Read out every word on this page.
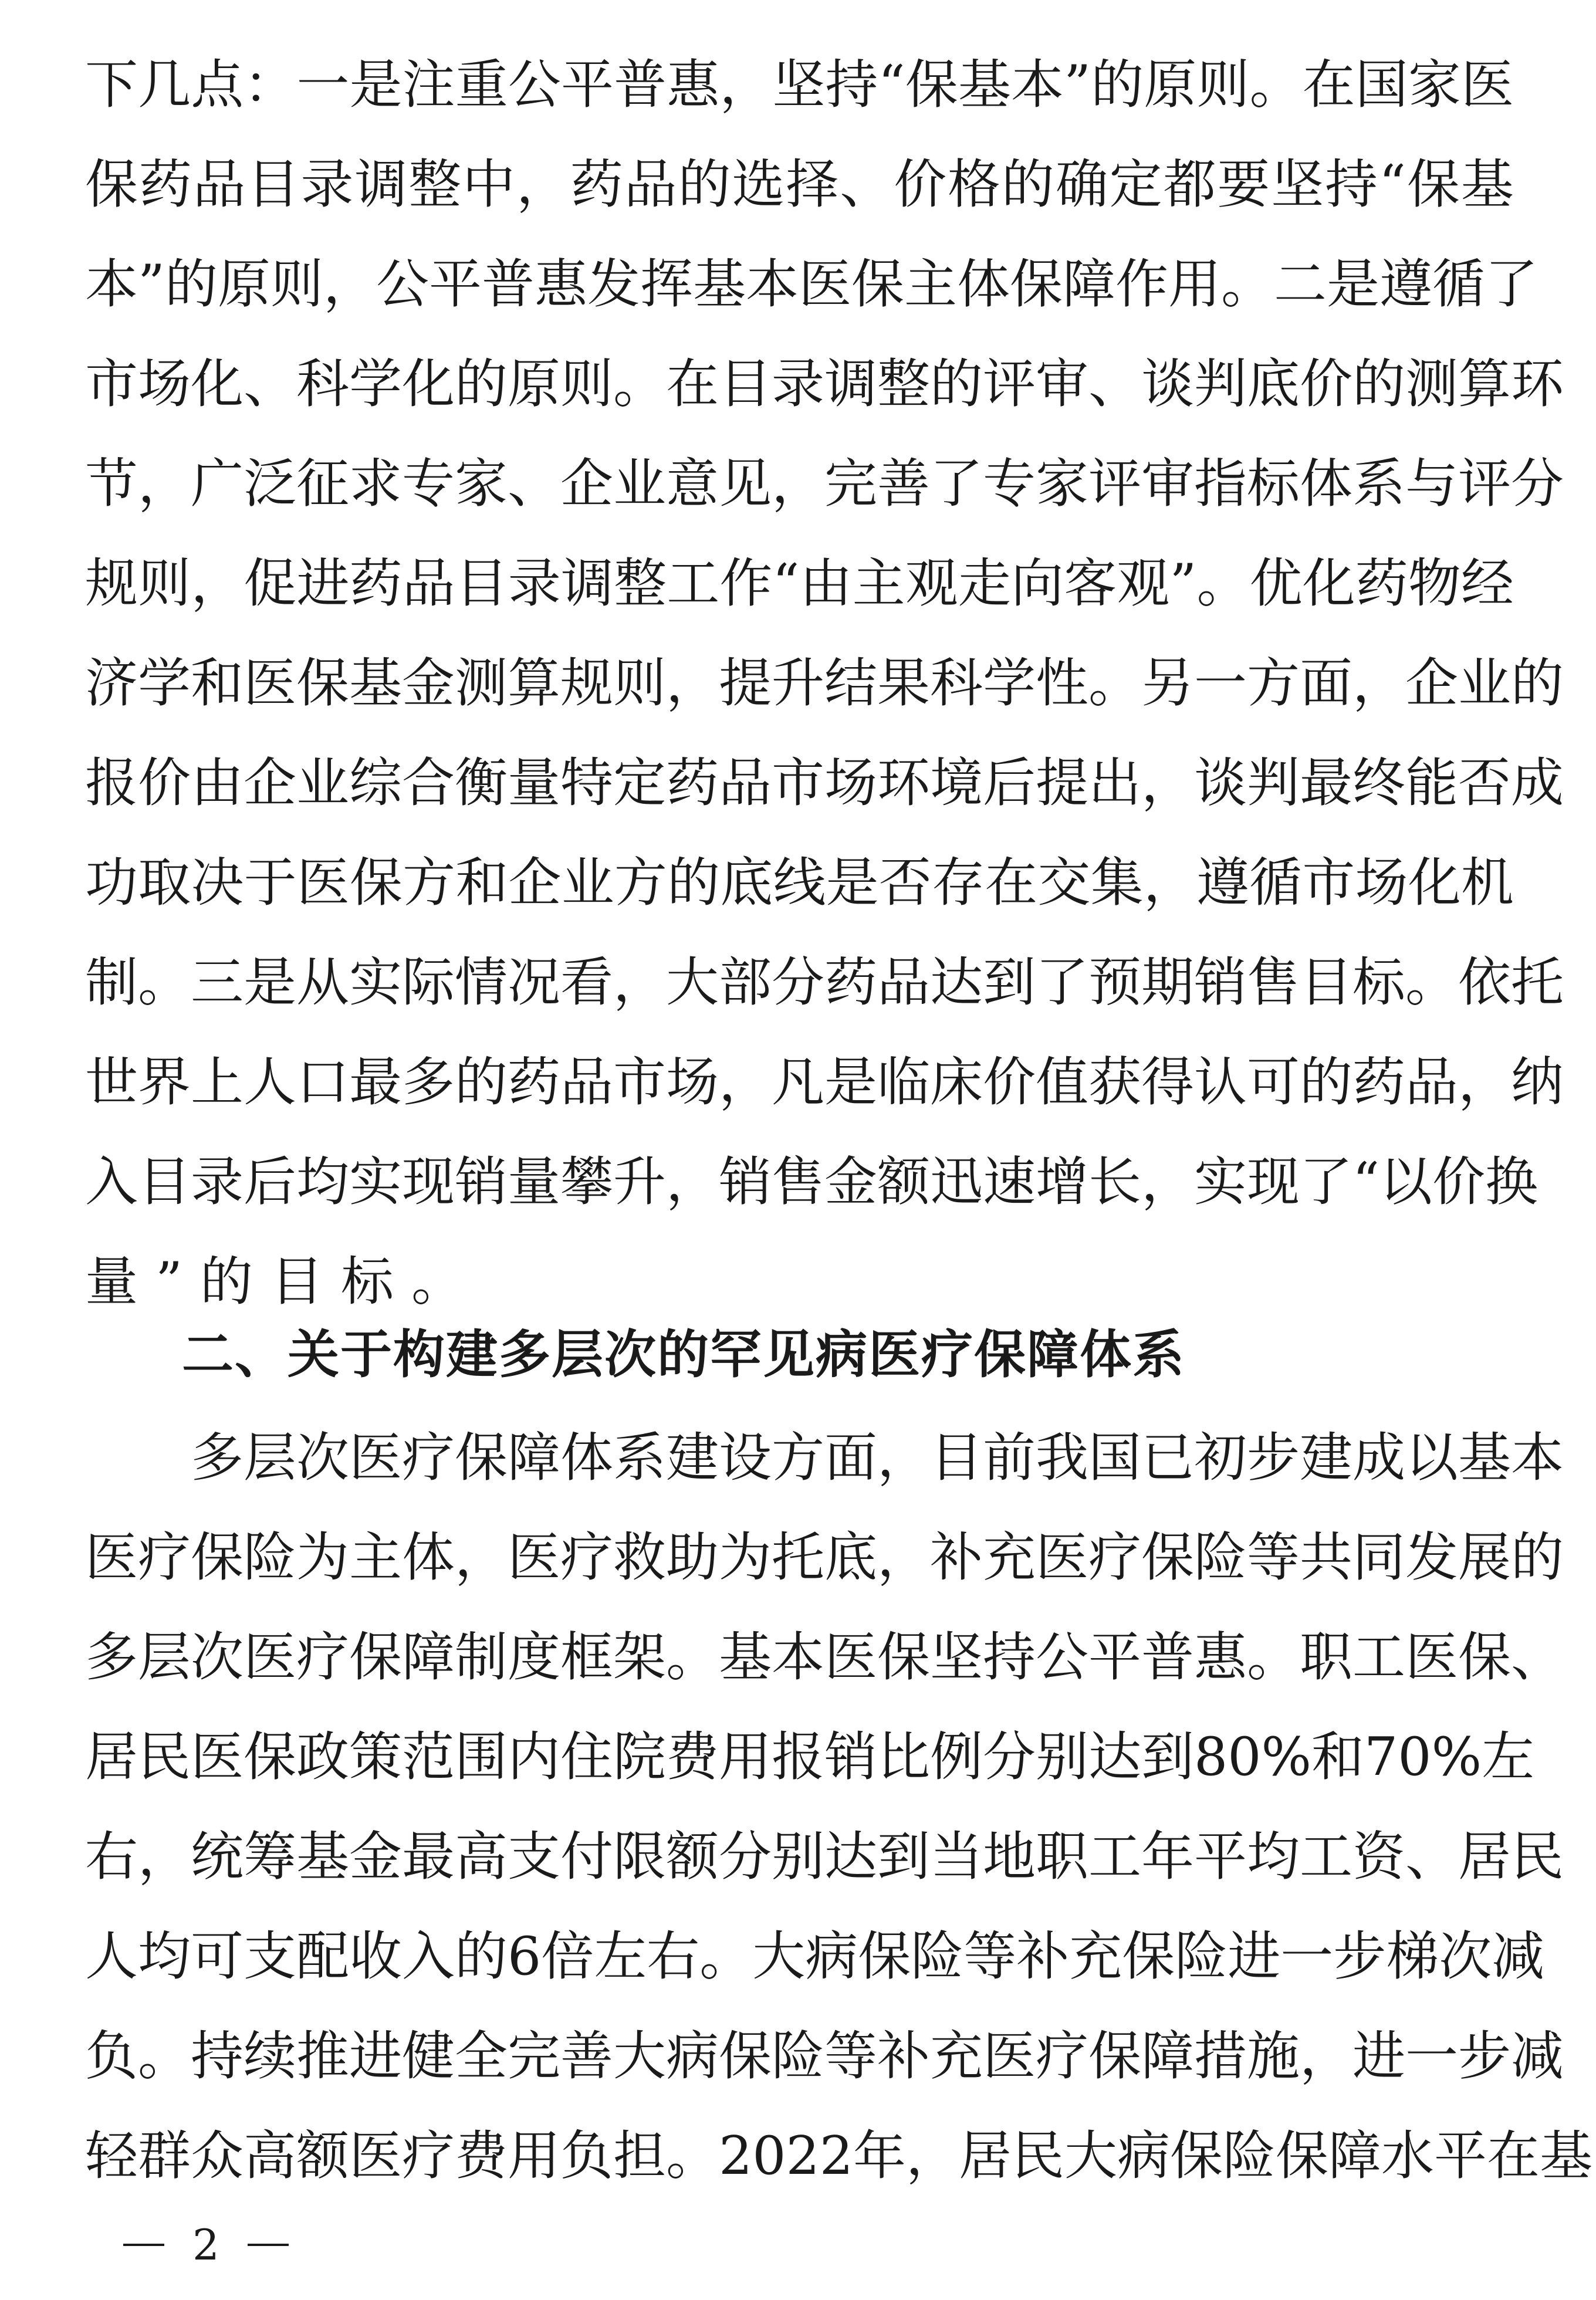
下 几 点 ： 一 是 注 重 公 平 普 惠 ， 坚 持 “ 保 基 本 ” 的 原 则 。 在 国 家 医
保 药 品 目 录 调 整 中 ， 药 品 的 选 择 、 价 格 的 确 定 都 要 坚 持 “ 保 基
本 ” 的 原 则 ， 公 平 普 惠 发 挥 基 本 医 保 主 体 保 障 作 用 。 二 是 遵 循 了
市 场 化 、 科 学 化 的 原 则 。 在 目 录 调 整 的 评 审 、 谈 判 底 价 的 测 算 环
节 ， 广 泛 征 求 专 家 、 企 业 意 见 ， 完 善 了 专 家 评 审 指 标 体 系 与 评 分
规 则 ， 促 进 药 品 目 录 调 整 工 作 “ 由 主 观 走 向 客 观 ” 。 优 化 药 物 经
济 学 和 医 保 基 金 测 算 规 则 ， 提 升 结 果 科 学 性 。 另 一 方 面 ， 企 业 的
报 价 由 企 业 综 合 衡 量 特 定 药 品 市 场 环 境 后 提 出 ， 谈 判 最 终 能 否 成
功 取 决 于 医 保 方 和 企 业 方 的 底 线 是 否 存 在 交 集 ， 遵 循 市 场 化 机
制 。 三 是 从 实 际 情 况 看 ， 大 部 分 药 品 达 到 了 预 期 销 售 目 标 。 依 托
世 界 上 人 口 最 多 的 药 品 市 场 ， 凡 是 临 床 价 值 获 得 认 可 的 药 品 ， 纳
入 目 录 后 均 实 现 销 量 攀 升 ， 销 售 金 额 迅 速 增 长 ， 实 现 了 “ 以 价 换
量 ” 的 目 标 。
二、关于构建多层次的罕见病医疗保障体系

多 层 次 医 疗 保 障 体 系 建 设 方 面 ， 目 前 我 国 已 初 步 建 成 以 基 本
医 疗 保 险 为 主 体 ， 医 疗 救 助 为 托 底 ， 补 充 医 疗 保 险 等 共 同 发 展 的
多 层 次 医 疗 保 障 制 度 框 架 。 基 本 医 保 坚 持 公 平 普 惠 。 职 工 医 保 、
居 民 医 保 政 策 范 围 内 住 院 费 用 报 销 比 例 分 别 达 到 80% 和 70% 左
右 ， 统 筹 基 金 最 高 支 付 限 额 分 别 达 到 当 地 职 工 年 平 均 工 资 、 居 民
人 均 可 支 配 收 入 的 6 倍 左 右 。 大 病 保 险 等 补 充 保 险 进 一 步 梯 次 减
负 。 持 续 推 进 健 全 完 善 大 病 保 险 等 补 充 医 疗 保 障 措 施 ， 进 一 步 减
轻 群 众 高 额 医 疗 费 用 负 担 。 2022 年 ， 居 民 大 病 保 险 保 障 水 平 在 基
2
